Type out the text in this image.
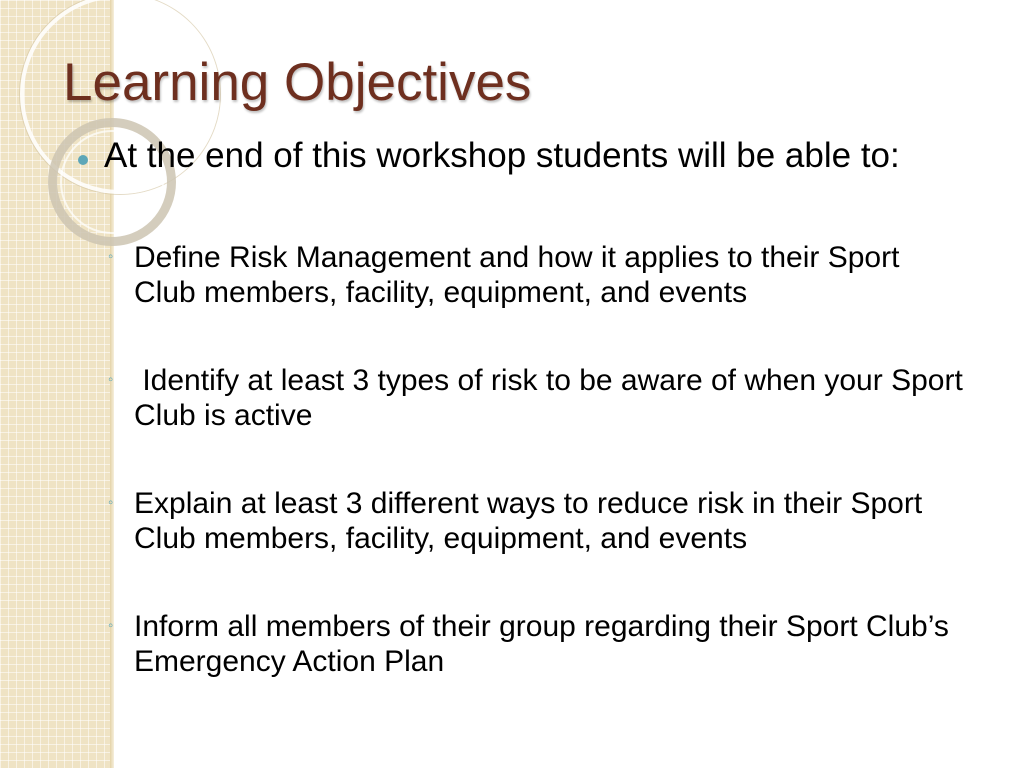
Learning Objectives
At the end of this workshop students will be able to:
◦ Define Risk Management and how it applies to their Sport Club members, facility, equipment, and events
◦ Identify at least 3 types of risk to be aware of when your Sport Club is active
◦ Explain at least 3 different ways to reduce risk in their Sport Club members, facility, equipment, and events
◦ Inform all members of their group regarding their Sport Club’s Emergency Action Plan
